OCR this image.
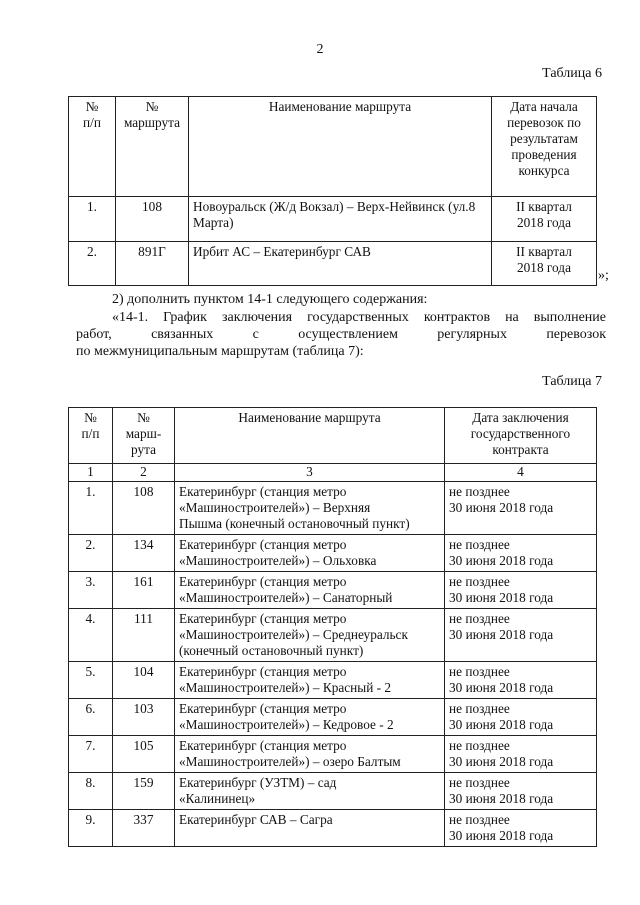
2
Таблица 6
№
п/п	№
маршрута	Наименование маршрута	Дата начала
перевозок по
результатам
проведения
конкурса
1.	108	Новоуральск (Ж/д Вокзал) – Верх-Нейвинск (ул.8 Марта)	II квартал
2018 года
2.	891Г	Ирбит АС – Екатеринбург САВ	II квартал
2018 года
»;
2) дополнить пунктом 14-1 следующего содержания:
«14-1. График заключения государственных контрактов на выполнение
работ, связанных с осуществлением регулярных перевозок
по межмуниципальным маршрутам (таблица 7):
Таблица 7
№
п/п	№
марш-
рута	Наименование маршрута	Дата заключения
государственного
контракта
1	2	3	4
1.	108	Екатеринбург (станция метро
«Машиностроителей») – Верхняя
Пышма (конечный остановочный пункт)	не позднее
30 июня 2018 года
2.	134	Екатеринбург (станция метро
«Машиностроителей») – Ольховка	не позднее
30 июня 2018 года
3.	161	Екатеринбург (станция метро
«Машиностроителей») – Санаторный	не позднее
30 июня 2018 года
4.	111	Екатеринбург (станция метро
«Машиностроителей») – Среднеуральск
(конечный остановочный пункт)	не позднее
30 июня 2018 года
5.	104	Екатеринбург (станция метро
«Машиностроителей») – Красный - 2	не позднее
30 июня 2018 года
6.	103	Екатеринбург (станция метро
«Машиностроителей») – Кедровое - 2	не позднее
30 июня 2018 года
7.	105	Екатеринбург (станция метро
«Машиностроителей») – озеро Балтым	не позднее
30 июня 2018 года
8.	159	Екатеринбург (УЗТМ) – сад
«Калининец»	не позднее
30 июня 2018 года
9.	337	Екатеринбург САВ – Сагра	не позднее
30 июня 2018 года
